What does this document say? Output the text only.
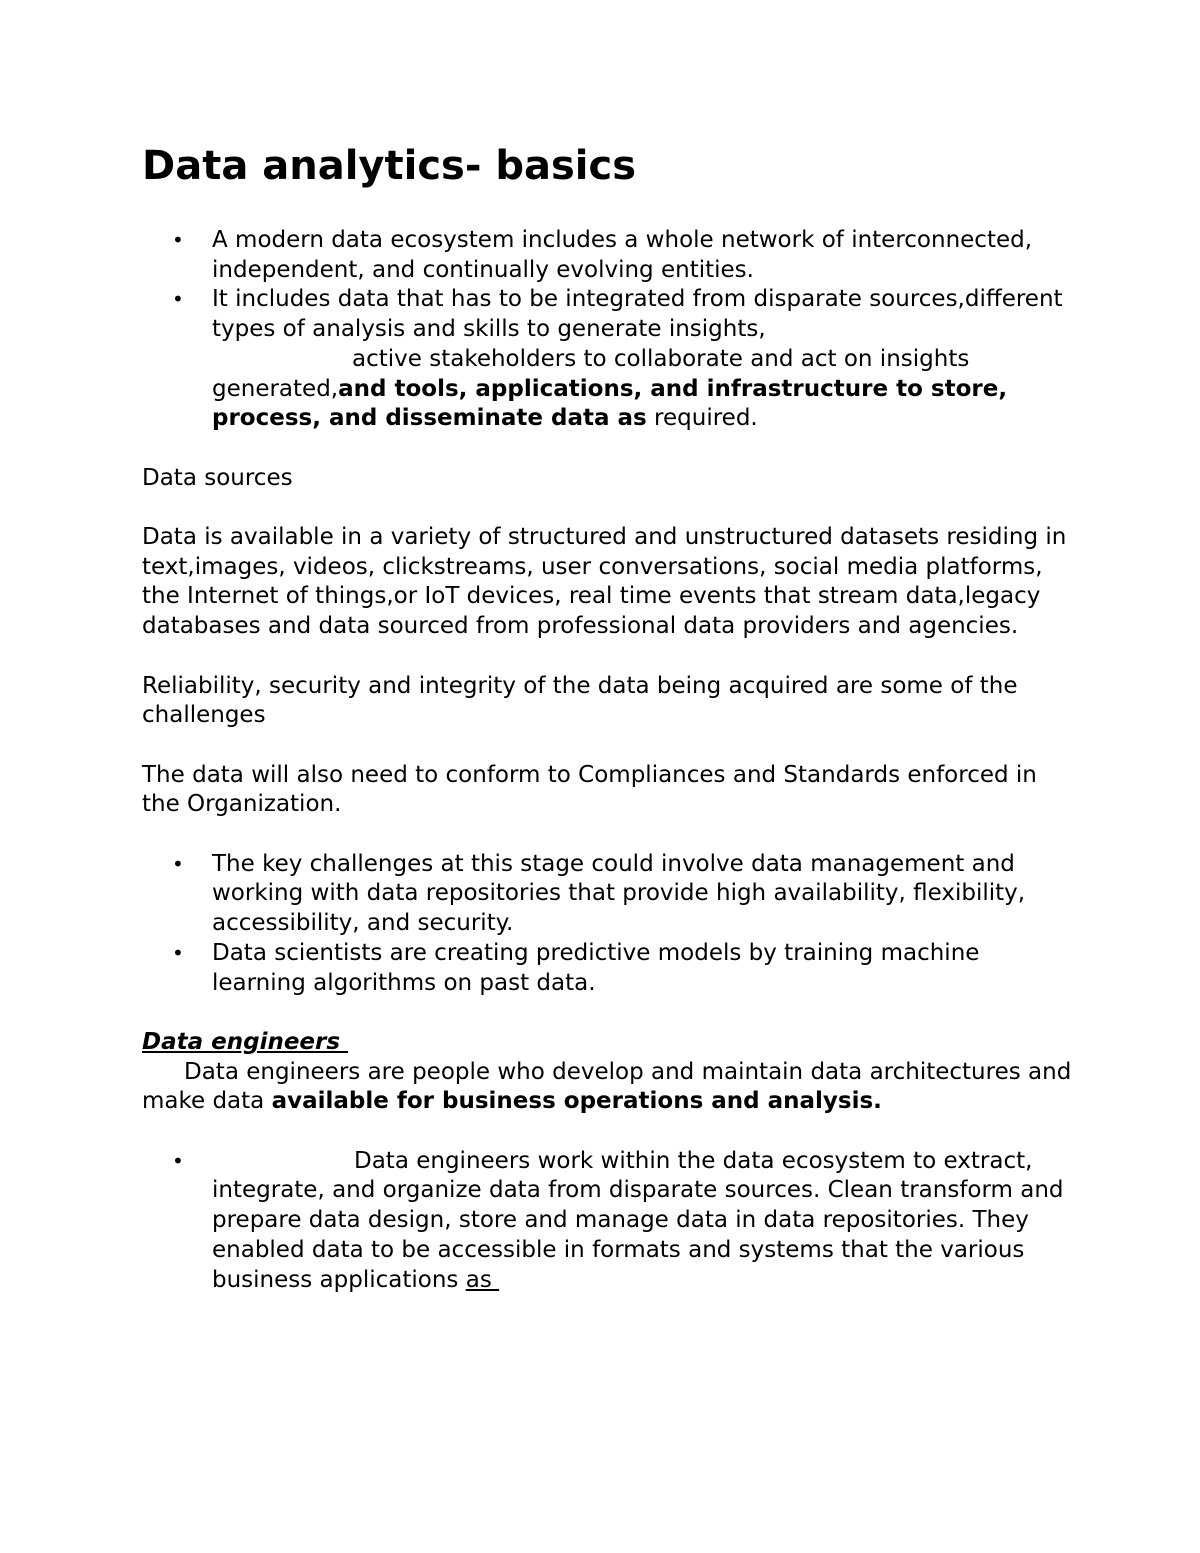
Data analytics- basics
• A modern data ecosystem includes a whole network of interconnected, independent, and continually evolving entities.
• It includes data that has to be integrated from disparate sources,different types of analysis and skills to generate insights,
active stakeholders to collaborate and act on insights generated,and tools, applications, and infrastructure to store, process, and disseminate data as required.

Data sources

Data is available in a variety of structured and unstructured datasets residing in text,images, videos, clickstreams, user conversations, social media platforms, the Internet of things,or IoT devices, real time events that stream data,legacy databases and data sourced from professional data providers and agencies.

Reliability, security and integrity of the data being acquired are some of the challenges

The data will also need to conform to Compliances and Standards enforced in the Organization.

• The key challenges at this stage could involve data management and working with data repositories that provide high availability, flexibility, accessibility, and security.
• Data scientists are creating predictive models by training machine learning algorithms on past data.

Data engineers

Data engineers are people who develop and maintain data architectures and make data available for business operations and analysis.

• Data engineers work within the data ecosystem to extract, integrate, and organize data from disparate sources. Clean transform and prepare data design, store and manage data in data repositories. They enabled data to be accessible in formats and systems that the various business applications as
